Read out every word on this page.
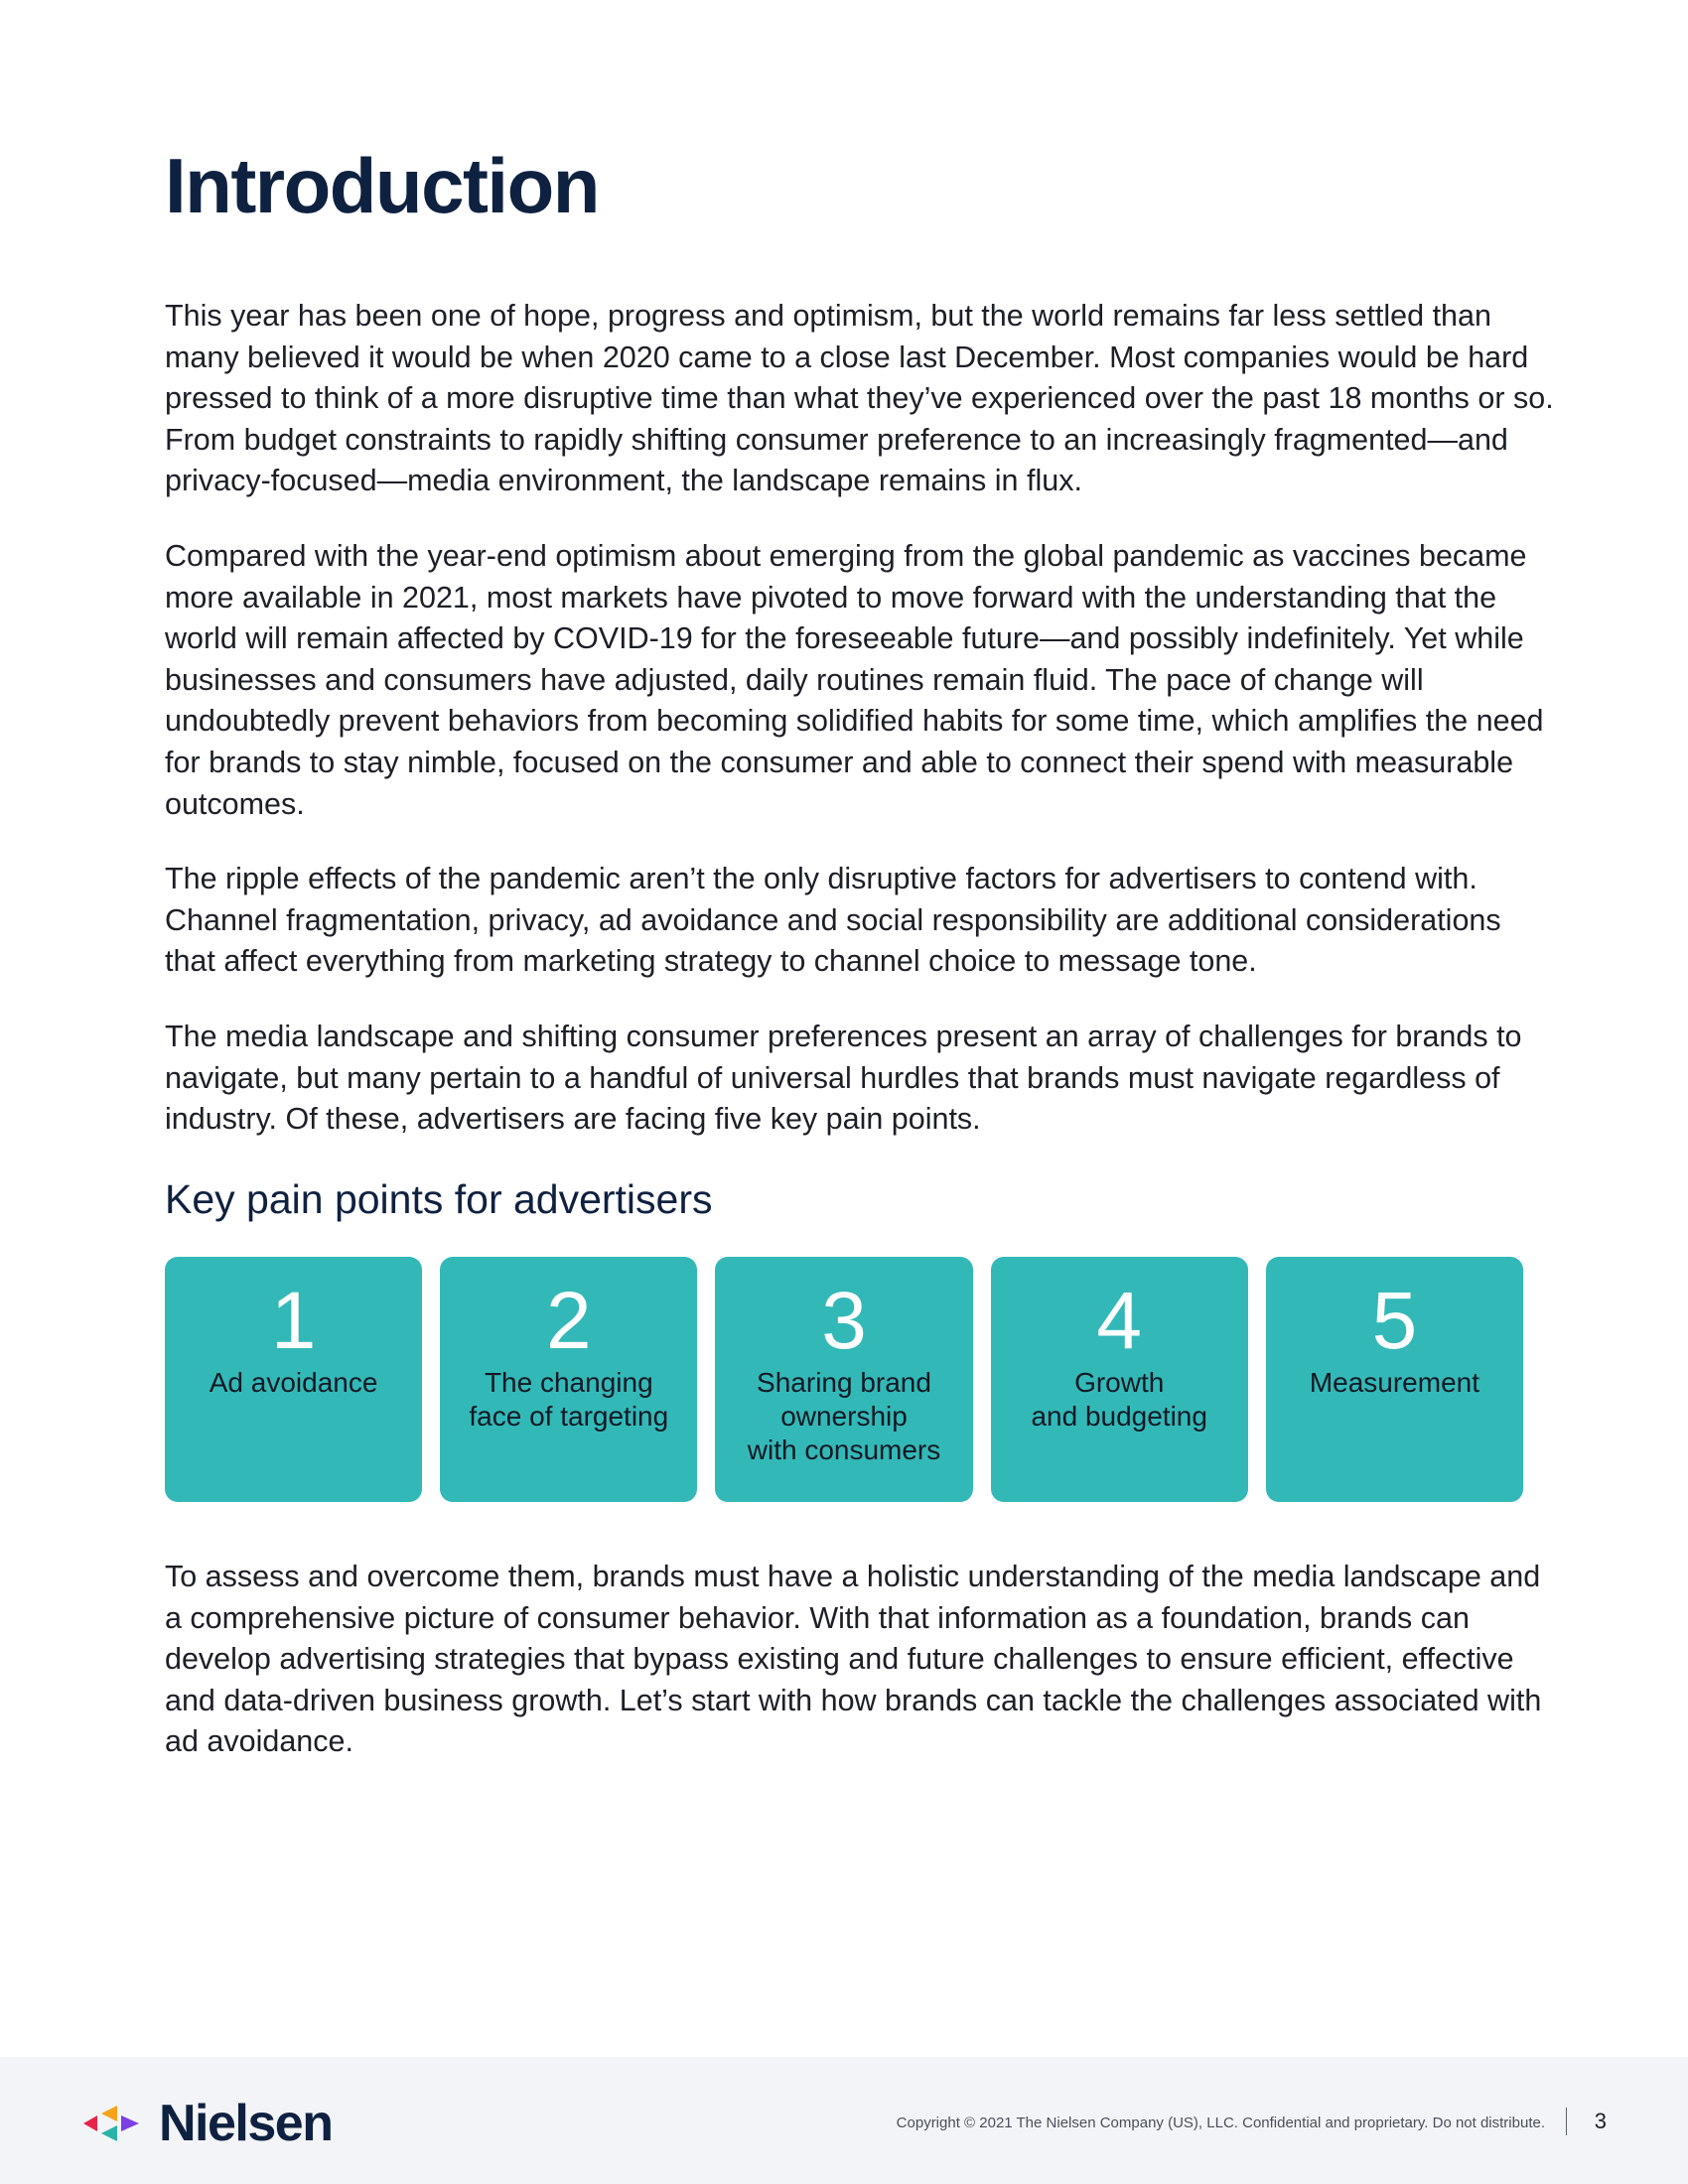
Introduction

This year has been one of hope, progress and optimism, but the world remains far less settled than many believed it would be when 2020 came to a close last December. Most companies would be hard pressed to think of a more disruptive time than what they’ve experienced over the past 18 months or so. From budget constraints to rapidly shifting consumer preference to an increasingly fragmented—and privacy-focused—media environment, the landscape remains in flux.

Compared with the year-end optimism about emerging from the global pandemic as vaccines became more available in 2021, most markets have pivoted to move forward with the understanding that the world will remain affected by COVID-19 for the foreseeable future—and possibly indefinitely. Yet while businesses and consumers have adjusted, daily routines remain fluid. The pace of change will undoubtedly prevent behaviors from becoming solidified habits for some time, which amplifies the need for brands to stay nimble, focused on the consumer and able to connect their spend with measurable outcomes.

The ripple effects of the pandemic aren’t the only disruptive factors for advertisers to contend with. Channel fragmentation, privacy, ad avoidance and social responsibility are additional considerations that affect everything from marketing strategy to channel choice to message tone.

The media landscape and shifting consumer preferences present an array of challenges for brands to navigate, but many pertain to a handful of universal hurdles that brands must navigate regardless of industry. Of these, advertisers are facing five key pain points.

Key pain points for advertisers
1
Ad avoidance
2
The changing
face of targeting
3
Sharing brand
ownership
with consumers
4
Growth
and budgeting
5
Measurement

To assess and overcome them, brands must have a holistic understanding of the media landscape and a comprehensive picture of consumer behavior. With that information as a foundation, brands can develop advertising strategies that bypass existing and future challenges to ensure efficient, effective and data-driven business growth. Let’s start with how brands can tackle the challenges associated with ad avoidance.

Nielsen	Copyright © 2021 The Nielsen Company (US), LLC. Confidential and proprietary. Do not distribute. 3
